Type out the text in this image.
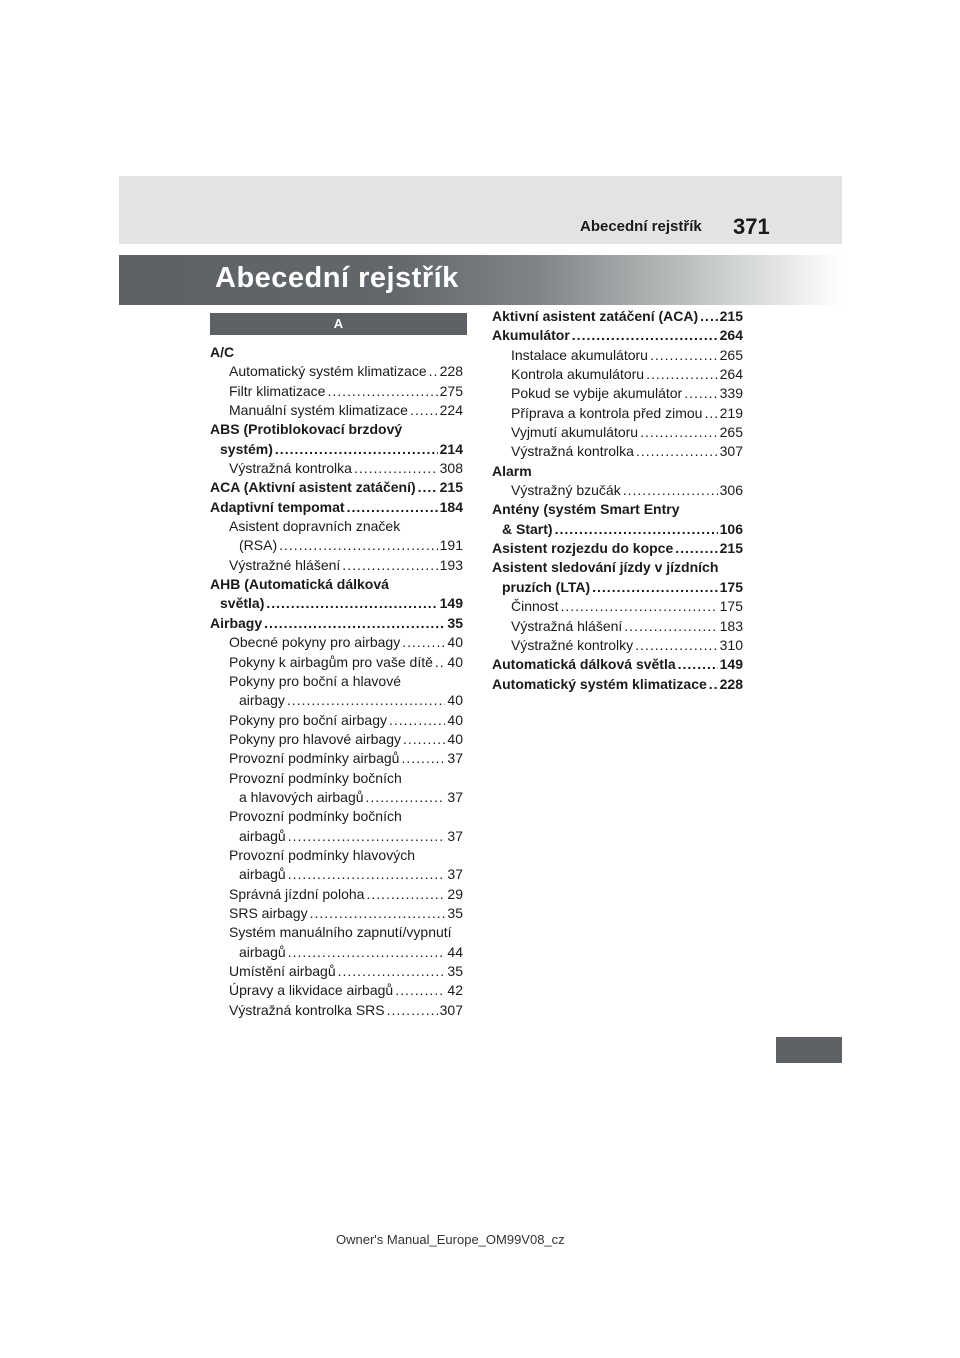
Abecední rejstřík 371
Abecední rejstřík
A
A/C
Automatický systém klimatizace ..... 228
Filtr klimatizace .....	275
Manuální systém klimatizace ..... 224
ABS (Protiblokovací brzdový
systém) .....	214
Výstražná kontrolka .....	308
ACA (Aktivní asistent zatáčení) ..... 215
Adaptivní tempomat .....	184
Asistent dopravních značek
(RSA) .....	191
Výstražné hlášení .....	193
AHB (Automatická dálková
světla) .....	149
Airbagy .....	35
Obecné pokyny pro airbagy .....	40
Pokyny k airbagům pro vaše dítě ..... 40
Pokyny pro boční a hlavové
airbagy .....	40
Pokyny pro boční airbagy .....	40
Pokyny pro hlavové airbagy .....	40
Provozní podmínky airbagů .....	37
Provozní podmínky bočních
a hlavových airbagů .....	37
Provozní podmínky bočních
airbagů .....	37
Provozní podmínky hlavových
airbagů .....	37
Správná jízdní poloha .....	29
SRS airbagy .....	35
Systém manuálního zapnutí/vypnutí
airbagů .....	44
Umístění airbagů .....	35
Úpravy a likvidace airbagů .....	42
Výstražná kontrolka SRS .....	307
Aktivní asistent zatáčení (ACA) ..... 215
Akumulátor .....	264
Instalace akumulátoru .....	265
Kontrola akumulátoru .....	264
Pokud se vybije akumulátor .....	339
Příprava a kontrola před zimou ..... 219
Vyjmutí akumulátoru .....	265
Výstražná kontrolka .....	307
Alarm
Výstražný bzučák .....	306
Antény (systém Smart Entry
& Start) .....	106
Asistent rozjezdu do kopce .....	215
Asistent sledování jízdy v jízdních
pruzích (LTA) .....	175
Činnost .....	175
Výstražná hlášení .....	183
Výstražné kontrolky .....	310
Automatická dálková světla .....	149
Automatický systém klimatizace ..... 228
Owner's Manual_Europe_OM99V08_cz
